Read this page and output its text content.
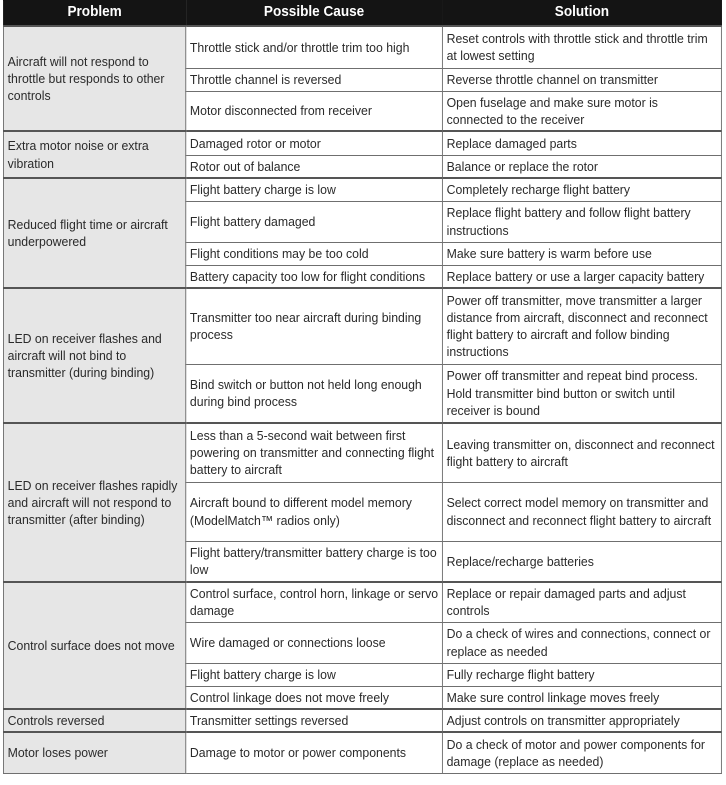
Problem	Possible Cause	Solution
Aircraft will not respond to throttle but responds to other controls	Throttle stick and/or throttle trim too high	Reset controls with throttle stick and throttle trim at lowest setting
	Throttle channel is reversed	Reverse throttle channel on transmitter
	Motor disconnected from receiver	Open fuselage and make sure motor is connected to the receiver
Extra motor noise or extra vibration	Damaged rotor or motor	Replace damaged parts
	Rotor out of balance	Balance or replace the rotor
Reduced flight time or aircraft underpowered	Flight battery charge is low	Completely recharge flight battery
	Flight battery damaged	Replace flight battery and follow flight battery instructions
	Flight conditions may be too cold	Make sure battery is warm before use
	Battery capacity too low for flight conditions	Replace battery or use a larger capacity battery
LED on receiver flashes and aircraft will not bind to transmitter (during binding)	Transmitter too near aircraft during binding process	Power off transmitter, move transmitter a larger distance from aircraft, disconnect and reconnect flight battery to aircraft and follow binding instructions
	Bind switch or button not held long enough during bind process	Power off transmitter and repeat bind process. Hold transmitter bind button or switch until receiver is bound
LED on receiver flashes rapidly and aircraft will not respond to transmitter (after binding)	Less than a 5-second wait between first powering on transmitter and connecting flight battery to aircraft	Leaving transmitter on, disconnect and reconnect flight battery to aircraft
	Aircraft bound to different model memory (ModelMatch™ radios only)	Select correct model memory on transmitter and disconnect and reconnect flight battery to aircraft
	Flight battery/transmitter battery charge is too low	Replace/recharge batteries
Control surface does not move	Control surface, control horn, linkage or servo damage	Replace or repair damaged parts and adjust controls
	Wire damaged or connections loose	Do a check of wires and connections, connect or replace as needed
	Flight battery charge is low	Fully recharge flight battery
	Control linkage does not move freely	Make sure control linkage moves freely
Controls reversed	Transmitter settings reversed	Adjust controls on transmitter appropriately
Motor loses power	Damage to motor or power components	Do a check of motor and power components for damage (replace as needed)
